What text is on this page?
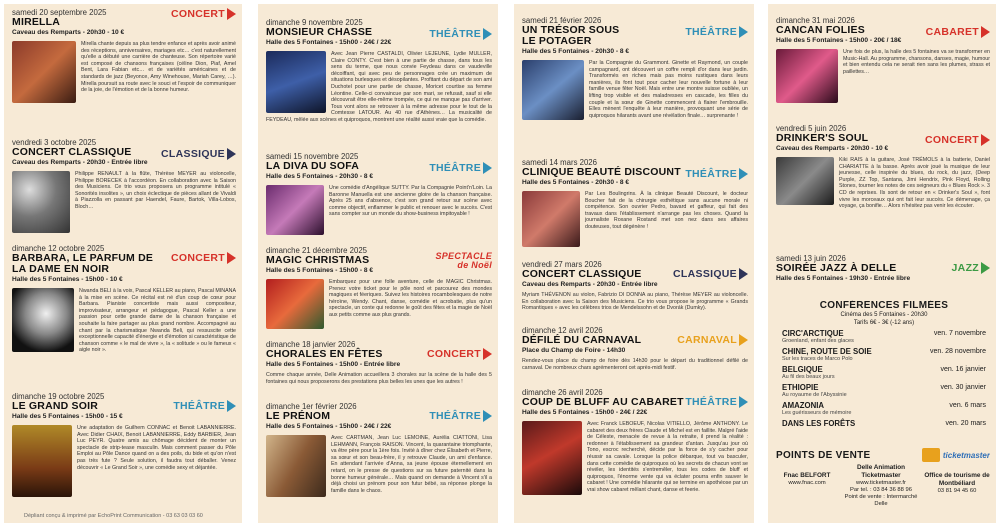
samedi 20 septembre 2025	CONCERT
MIRELLA
Caveau des Remparts - 20h30 - 10 €
Mirella chante depuis sa plus tendre enfance et après avoir animé des réceptions, anniversaires, mariages etc… c'est naturellement qu'elle a débuté une carrière de chanteuse. Son répertoire varié est composé de chansons françaises (céline Dion, Piaf, Amel Bent, Lara Fabian etc… et de variétés américaines et de standards de jazz (Beyonce, Amy Winehouse, Mariah Carey, …). Mirella poursuit sa route avec le souci et l'espoir de communiquer de la joie, de l'émotion et de la bonne humeur.
vendredi 3 octobre 2025
CLASSIQUE
CONCERT CLASSIQUE
Caveau des Remparts - 20h30 - Entrée libre
Philippe RENAULT à la flûte, Thérèse MEYER au violoncelle, Philippe BORECEK à l'accordéon. En collaboration avec la Saison des Musiciens. Ce trio vous proposera un programme intitulé « Sonorités insolites », un choix éclectique de pièces allant de Vivaldi à Piazzolla en passant par Haendel, Faure, Bartok, Villa-Lobos, Bloch…
dimanche 12 octobre 2025
CONCERT
BARBARA, LE PARFUM DE LA DAME EN NOIR
Halle des 5 Fontaines - 15h00 - 10 €
Nwanda BELI à la voix, Pascal KELLER au piano, Pascal MINANA à la mise en scène. Ce récital est né d'un coup de cœur pour Barbara. Pianiste concertiste mais aussi compositeur, improvisateur, arrangeur et pédagogue, Pascal Keller a une passion pour cette grande dame de la chanson française et souhaite la faire partager au plus grand nombre. Accompagné au chant par la charismatique Nwanda Beli, qui ressuscite cette exceptionnelle capacité d'énergie et d'émotion si caractéristique de chanson comme « le mal de vivre », la « solitude » ou le fameux « aigle noir ».
dimanche 19 octobre 2025
THÉÂTRE
LE GRAND SOIR
Halle des 5 Fontaines - 15h00 - 15 €
Une adaptation de Guilhem CONNAC et Benoit LABANNIERRE. Avec Didier CHAIX, Benoit LABANNIERRE, Eddy BARBIER, Jean Luc PEYR. Quatre amis au chômage décident de monter un spectacle de strip-tease masculin. Mais comment passer du Pôle Emploi au Pôle Dance quand on a des poils, du bide et qu'on n'est pas très fute ? Seule solution, il faudra tout déballer. Venez découvrir « Le Grand Soir », une comédie sexy et déjantée.
Dépliant conçu & imprimé par EchoPrint Communication - 03 63 03 03 60
dimanche 9 novembre 2025
THÉÂTRE
MONSIEUR CHASSE
Halle des 5 Fontaines - 15h00 - 24€ / 22€
Avec Jean Pierre CASTALDI, Olivier LEJEUNE, Lydie MULLER, Claire CONTY. C'est bien à une partie de chasse, dans tous les sens du terme, que nous convie Feydeau dans ce vaudeville décoiffant, qui avec peu de personnages crée un maximum de situations burlesques et désopilantes. Profitant du départ de son ami Duchotel pour une partie de chasse, Moricet courtise sa femme Léontine. Celle-ci convaincue par son mari, se refusait, sauf si elle découvrait être elle-même trompée, ce qui ne manque pas d'arriver. Tous vont alors se retrouver à la même adresse pour le tout de la Comtesse LATOUR. Au 40 rue d'Athènes… La musicalité de FEYDEAU, mêlée aux scènes et quiproquos, montrent une réalité aussi vraie que la comédie.
samedi 15 novembre 2025
THÉÂTRE
LA DIVA DU SOFA
Halle des 5 Fontaines - 20h30 - 8 €
Une comédie d'Angélique SUTTY. Par la Compagnie Point'n'Loin. La Baronne Manuella est une ancienne gloire de la chanson française. Après 25 ans d'absence, c'est son grand retour sur scène avec comme objectif, enflammer le public et renouer avec le succès. C'est sans compter sur un monde du show-business impitoyable !
dimanche 21 décembre 2025
SPECTACLE de Noël
MAGIC CHRISTMAS
Halle des 5 Fontaines - 15h00 - 8 €
Embarquez pour une folle aventure, celle de MAGIC Christmas. Prenez votre ticket pour le pôle nord et parcourez des mondes magiques et féeriques. Suivez les histoires rocambolesques de notre héroïne, Wendy. Chant, danse, comédie et acrobatie, plus qu'un spectacle, un conte qui redonne le goût des fêtes et la magie de Noël aux petits comme aux plus grands.
dimanche 18 janvier 2026
CONCERT
CHORALES EN FÊTES
Halle des 5 Fontaines - 15h00 - Entrée libre
Comme chaque année, Delle Animation accueillera 3 chorales sur la scène de la halle des 5 fontaines qui nous proposerons des prestations plus belles les unes que les autres !
dimanche 1er février 2026
THÉÂTRE
LE PRÉNOM
Halle des 5 Fontaines - 15h00 - 24€ / 22€
Avec CARTMAN, Jean Luc LEMOINE, Aurélia CIATTONI, Lisa LEHMANN, François RAISON. Vincent, la quarantaine triomphante, va être père pour la 1ère fois. Invité à dîner chez Élisabeth et Pierre, sa sœur et son beau-frère, il y retrouve Claude, un ami d'enfance. En attendant l'arrivée d'Anna, sa jeune épouse éternellement en retard, on le presse de questions sur sa future paternité dans la bonne humeur générale… Mais quand on demande à Vincent s'il a déjà choisi un prénom pour son futur bébé, sa réponse plonge la famille dans le chaos.
samedi 21 février 2026
THÉÂTRE
UN TRÉSOR SOUS LE POTAGER
Halle des 5 Fontaines - 20h30 - 8 €
Par la Compagnie du Grammont. Ginette et Raymond, un couple campagnard, ont découvert un coffre rempli d'or dans leur jardin. Transformés en riches mais pas moins rustiques dans leurs manières, ils font tout pour cacher leur nouvelle fortune à leur famille venue fêter Noël. Mais entre une montre suisse oubliée, un lifting trop visible et des maladresses en cascade, les filles du couple et la sœur de Ginette commencent à flairer l'embrouille. Elles mènent l'enquête à leur manière, provoquant une série de quiproquos hilarants avant une révélation finale… surprenante !
samedi 14 mars 2026
THÉÂTRE
CLINIQUE BEAUTÉ DISCOUNT
Halle des 5 Fontaines - 20h30 - 8 €
Par Les Boulingrins. À la clinique Beauté Discount, le docteur Boucher fait de la chirurgie esthétique sans aucune morale ni compétence. Son ouvrier Pedro, bavard et gaffeur, qui fait des travaux dans l'établissement n'arrange pas les choses. Quand la journaliste Roxane Rostand met son nez dans ses affaires douteuses, tout dégénère !
vendredi 27 mars 2026
CLASSIQUE
CONCERT CLASSIQUE
Caveau des Remparts - 20h30 - Entrée libre
Myriam THÉVENON au violon, Fabrizio DI DONNA au piano, Thérèse MEYER au violoncelle. En collaboration avec la Saison des Musiciens. Ce trio vous propose le programme « Grands Romantiques » avec les célèbres trios de Mendelssohn et de Dvorák (Dumky).
dimanche 12 avril 2026
CARNAVAL
DÉFILÉ DU CARNAVAL
Place du Champ de Foire - 14h30
Rendez-vous place du champ de foire dès 14h30 pour le départ du traditionnel défilé de carnaval. De nombreux chars agrémenteront cet après-midi festif.
dimanche 26 avril 2026
THÉÂTRE
COUP DE BLUFF AU CABARET
Halle des 5 Fontaines - 15h00 - 24€ / 22€
Avec Franck LEBOEUF, Nicolas VITIELLO, Jérôme ANTHONY. Le cabaret des deux frères Claude et Michel est en faillite. Malgré l'aide de Céleste, menacée de revue à la retraite, il prend la réalité : redonner à l'établissement sa grandeur d'antan. Jusqu'au jour où Tono, escroc recherché, décide par la force de s'y cacher pour réussir sa cavale. Lorsque la police débarque, tout va basculer, dans cette comédie de quiproquos où les secrets de chacun vont se révéler, les identités s'entremêler, tous les codes de bluff et quiproquos, l'énorme vente qui va éclater pourra enfin sauver le cabaret ! Une comédie hilarante qui se termine en apothéose par un vrai show cabaret mêlant chant, danse et feerie.
dimanche 31 mai 2026
CABARET
CANCAN FOLIES
Halle des 5 Fontaines - 15h00 - 20€ / 18€
Une fois de plus, la halle des 5 fontaines va se transformer en Music-Hall. Au programme, chansons, danses, magie, humour et bien entendu cela ne serait rien sans les plumes, strass et paillettes…
vendredi 5 juin 2026
CONCERT
DRINKER'S SOUL
Caveau des Remparts - 20h30 - 10 €
Kiki RAIS à la guitare, José TRÉMOLS à la batterie, Daniel CHARIATTE à la basse. Après avoir joué la musique de leur jeunesse, celle inspirée du blues, du rock, du jazz, (Deep Purple, ZZ Top, Santana, Jimi Hendrix, Pink Floyd, Rolling Stones, tourner les notes de ces seigneurs du « Blues Rock ». 3 CD de reprises. Ils sont de retour en « Drinker's Soul », font vivre les morceaux qui ont fait leur succès. Ce démenage, ça voyage, ça bonifie… Alors n'hésitez pas venir les écouter.
samedi 13 juin 2026
JAZZ
SOIRÉE JAZZ À DELLE
Halle des 5 Fontaines - 19h30 - Entrée libre
CONFÉRENCES FILMÉES
Cinéma des 5 Fontaines - 20h30
Tarifs 6€ - 3€ (-12 ans)
CIRC'ARCTIQUE
Groenland, enfant des glaces
ven. 7 novembre
CHINE, ROUTE DE SOIE
Sur les traces de Marco Polo
ven. 28 novembre
BELGIQUE
Au fil des beaux jours
ven. 16 janvier
ETHIOPIE
Au royaume de l'Abyssinie
ven. 30 janvier
AMAZONIA
Les guérisseurs de mémoire
ven. 6 mars
DANS LES FORÊTS	ven. 20 mars
POINTS DE VENTE	ticketmaster
Fnac BELFORT
www.fnac.com
Ticketmaster
www.ticketmaster.fr
Par tel. : 03 84 36 88 96
Point de vente : Intermarché Delle
Office de tourisme de Montbéliard
03 81 94 45 60
Delle Animation
